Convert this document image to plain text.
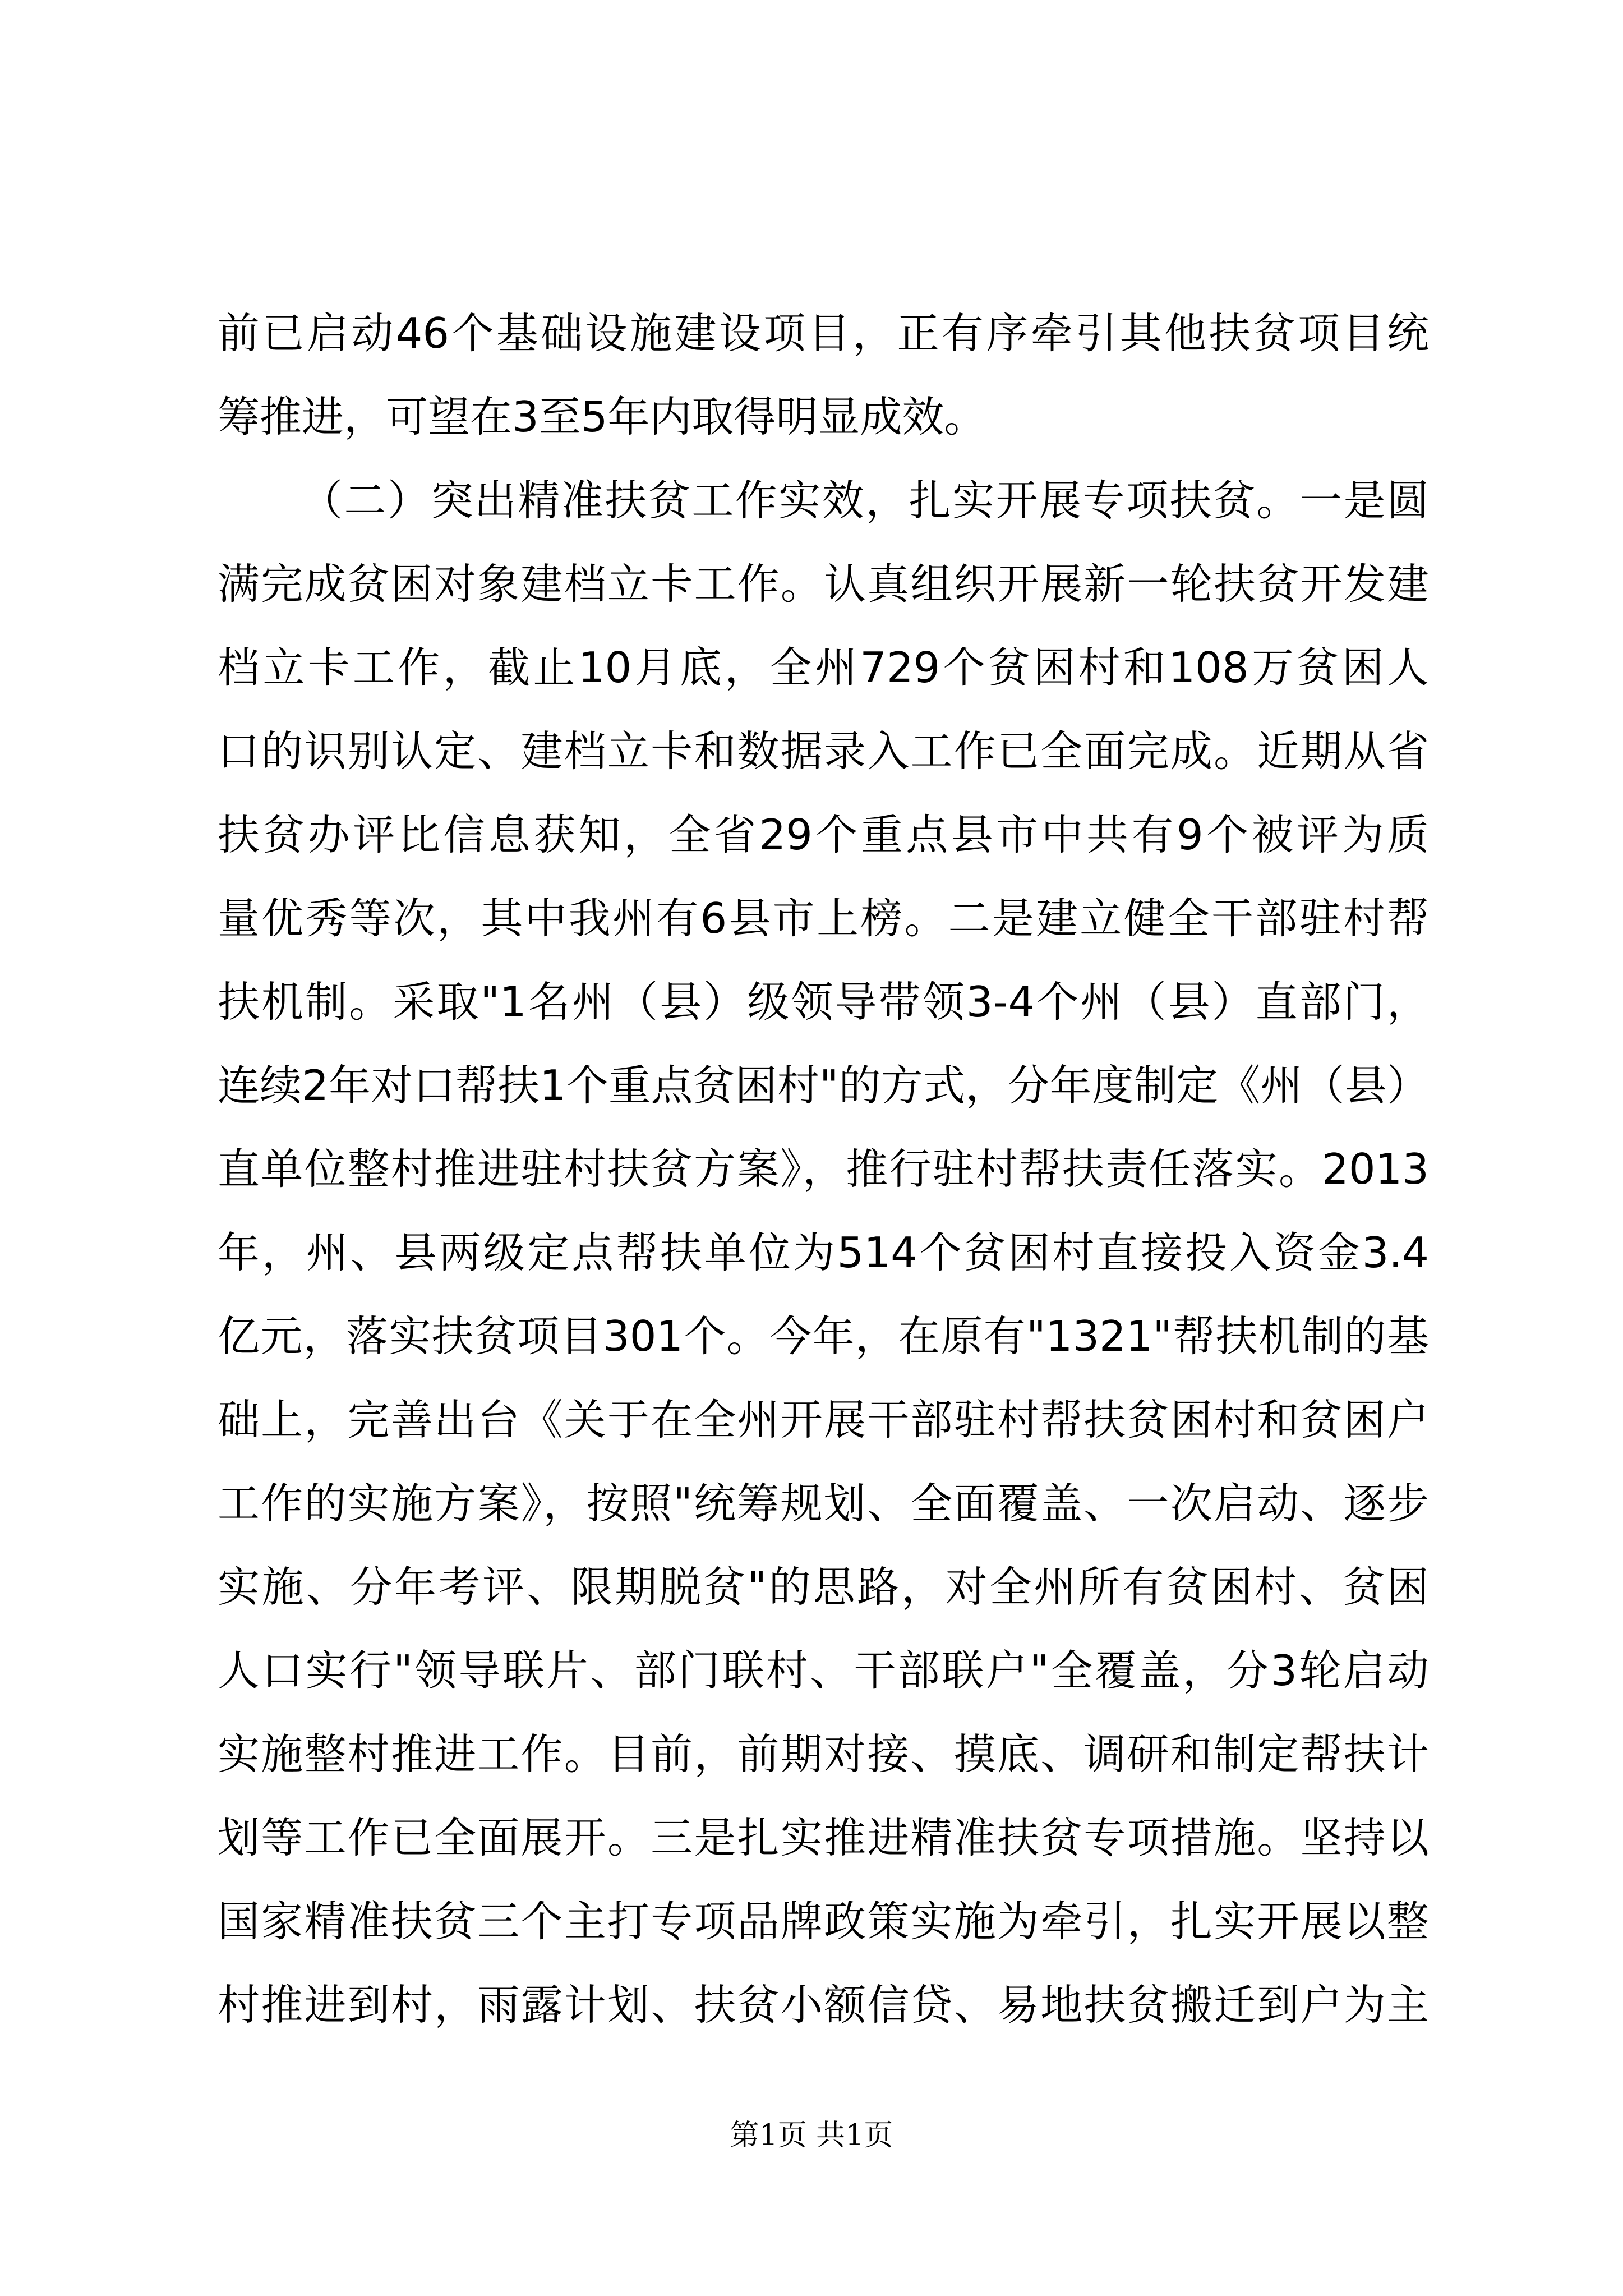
前已启动46个基础设施建设项目，正有序牵引其他扶贫项目统
筹推进，可望在3至5年内取得明显成效。
（二）突出精准扶贫工作实效，扎实开展专项扶贫。一是圆
满完成贫困对象建档立卡工作。认真组织开展新一轮扶贫开发建
档立卡工作，截止10月底，全州729个贫困村和108万贫困人
口的识别认定、建档立卡和数据录入工作已全面完成。近期从省
扶贫办评比信息获知，全省29个重点县市中共有9个被评为质
量优秀等次，其中我州有6县市上榜。二是建立健全干部驻村帮
扶机制。采取"1名州（县）级领导带领3-4个州（县）直部门，
连续2年对口帮扶1个重点贫困村"的方式，分年度制定《州（县）
直单位整村推进驻村扶贫方案》，推行驻村帮扶责任落实。2013
年，州、县两级定点帮扶单位为514个贫困村直接投入资金3.4
亿元，落实扶贫项目301个。今年，在原有"1321"帮扶机制的基
础上，完善出台《关于在全州开展干部驻村帮扶贫困村和贫困户
工作的实施方案》，按照"统筹规划、全面覆盖、一次启动、逐步
实施、分年考评、限期脱贫"的思路，对全州所有贫困村、贫困
人口实行"领导联片、部门联村、干部联户"全覆盖，分3轮启动
实施整村推进工作。目前，前期对接、摸底、调研和制定帮扶计
划等工作已全面展开。三是扎实推进精准扶贫专项措施。坚持以
国家精准扶贫三个主打专项品牌政策实施为牵引，扎实开展以整
村推进到村，雨露计划、扶贫小额信贷、易地扶贫搬迁到户为主
第1页 共1页
